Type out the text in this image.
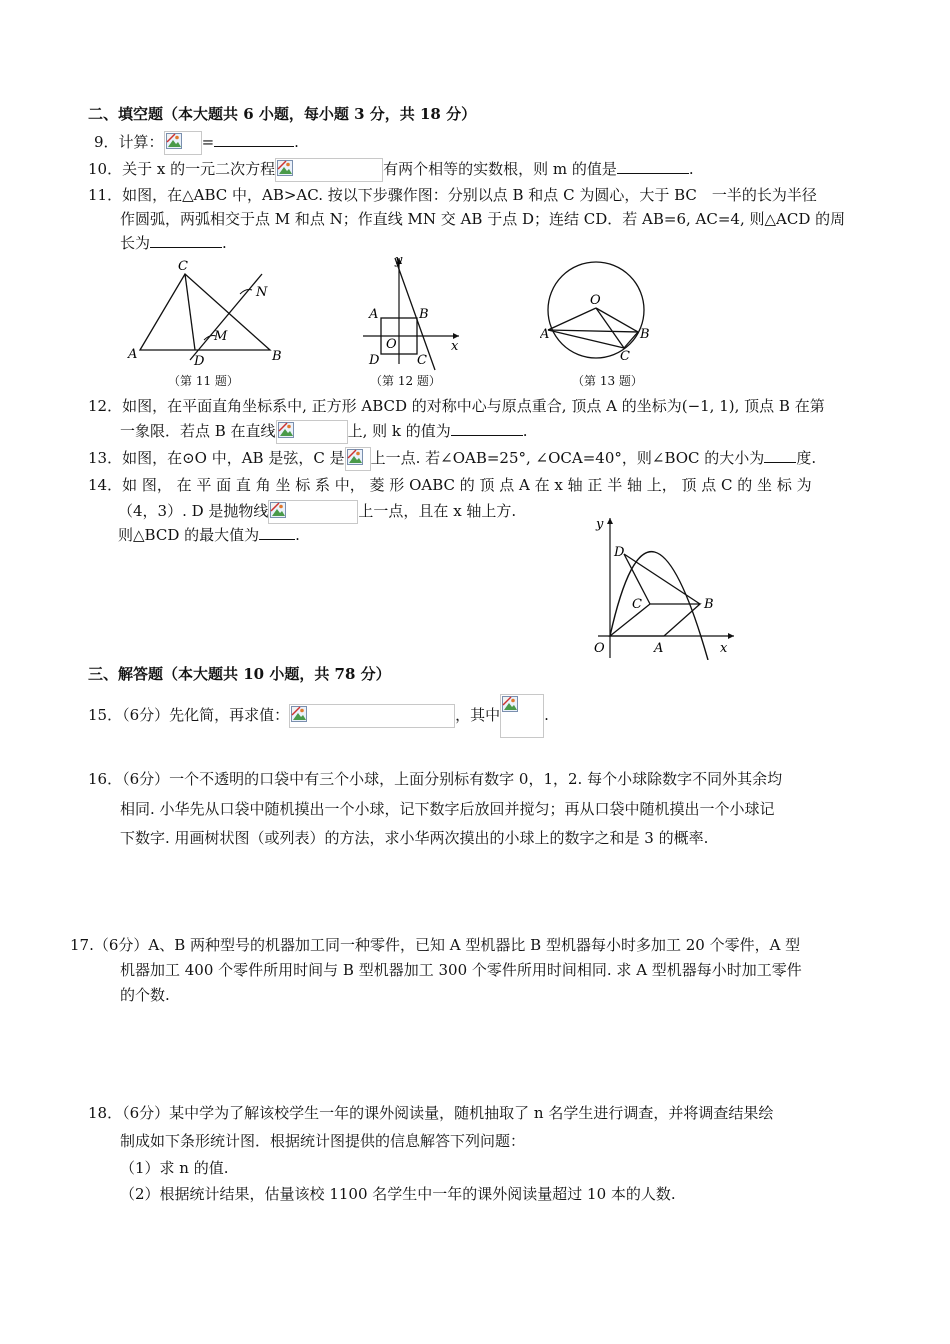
二、填空题（本大题共 6 小题，每小题 3 分，共 18 分）
9．计算：	=	.
10．关于 x 的一元二次方程	有两个相等的实数根，则 m 的值是	.
11．如图，在△ABC 中，AB>AC. 按以下步骤作图：分别以点 B 和点 C 为圆心，大于 BC　一半的长为半径
作圆弧，两弧相交于点 M 和点 N；作直线 MN 交 AB 于点 D；连结 CD．若 AB=6, AC=4, 则△ACD 的周
长为	.
C
N
M
A	D	B
（第 11 题）
y
A	B
O	x
D	C
（第 12 题）
O
A	B
C
（第 13 题）
12．如图，在平面直角坐标系中, 正方形 ABCD 的对称中心与原点重合, 顶点 A 的坐标为(−1, 1), 顶点 B 在第
一象限．若点 B 在直线	上, 则 k 的值为	.
13．如图，在⊙O 中，AB 是弦，C 是 上一点. 若∠OAB=25°, ∠OCA=40°，则∠BOC 的大小为 度.
14．如 图， 在 平 面 直 角 坐 标 系 中， 菱 形 OABC 的 顶 点 A 在 x 轴 正 半 轴 上， 顶 点 C 的 坐 标 为
（4，3）. D 是抛物线	上一点，且在 x 轴上方.
则△BCD 的最大值为 .
y
D
C	B
O	A	x
三、解答题（本大题共 10 小题，共 78 分）
15．（6分）先化简，再求值：	，其中	.
16．（6分）一个不透明的口袋中有三个小球，上面分别标有数字 0，1，2. 每个小球除数字不同外其余均
相同. 小华先从口袋中随机摸出一个小球，记下数字后放回并搅匀；再从口袋中随机摸出一个小球记
下数字. 用画树状图（或列表）的方法，求小华两次摸出的小球上的数字之和是 3 的概率.
17.（6分）A、B 两种型号的机器加工同一种零件，已知 A 型机器比 B 型机器每小时多加工 20 个零件，A 型
机器加工 400 个零件所用时间与 B 型机器加工 300 个零件所用时间相同. 求 A 型机器每小时加工零件
的个数.
18．（6分）某中学为了解该校学生一年的课外阅读量，随机抽取了 n 名学生进行调查，并将调查结果绘
制成如下条形统计图．根据统计图提供的信息解答下列问题：
（1）求 n 的值.
（2）根据统计结果，估量该校 1100 名学生中一年的课外阅读量超过 10 本的人数.
